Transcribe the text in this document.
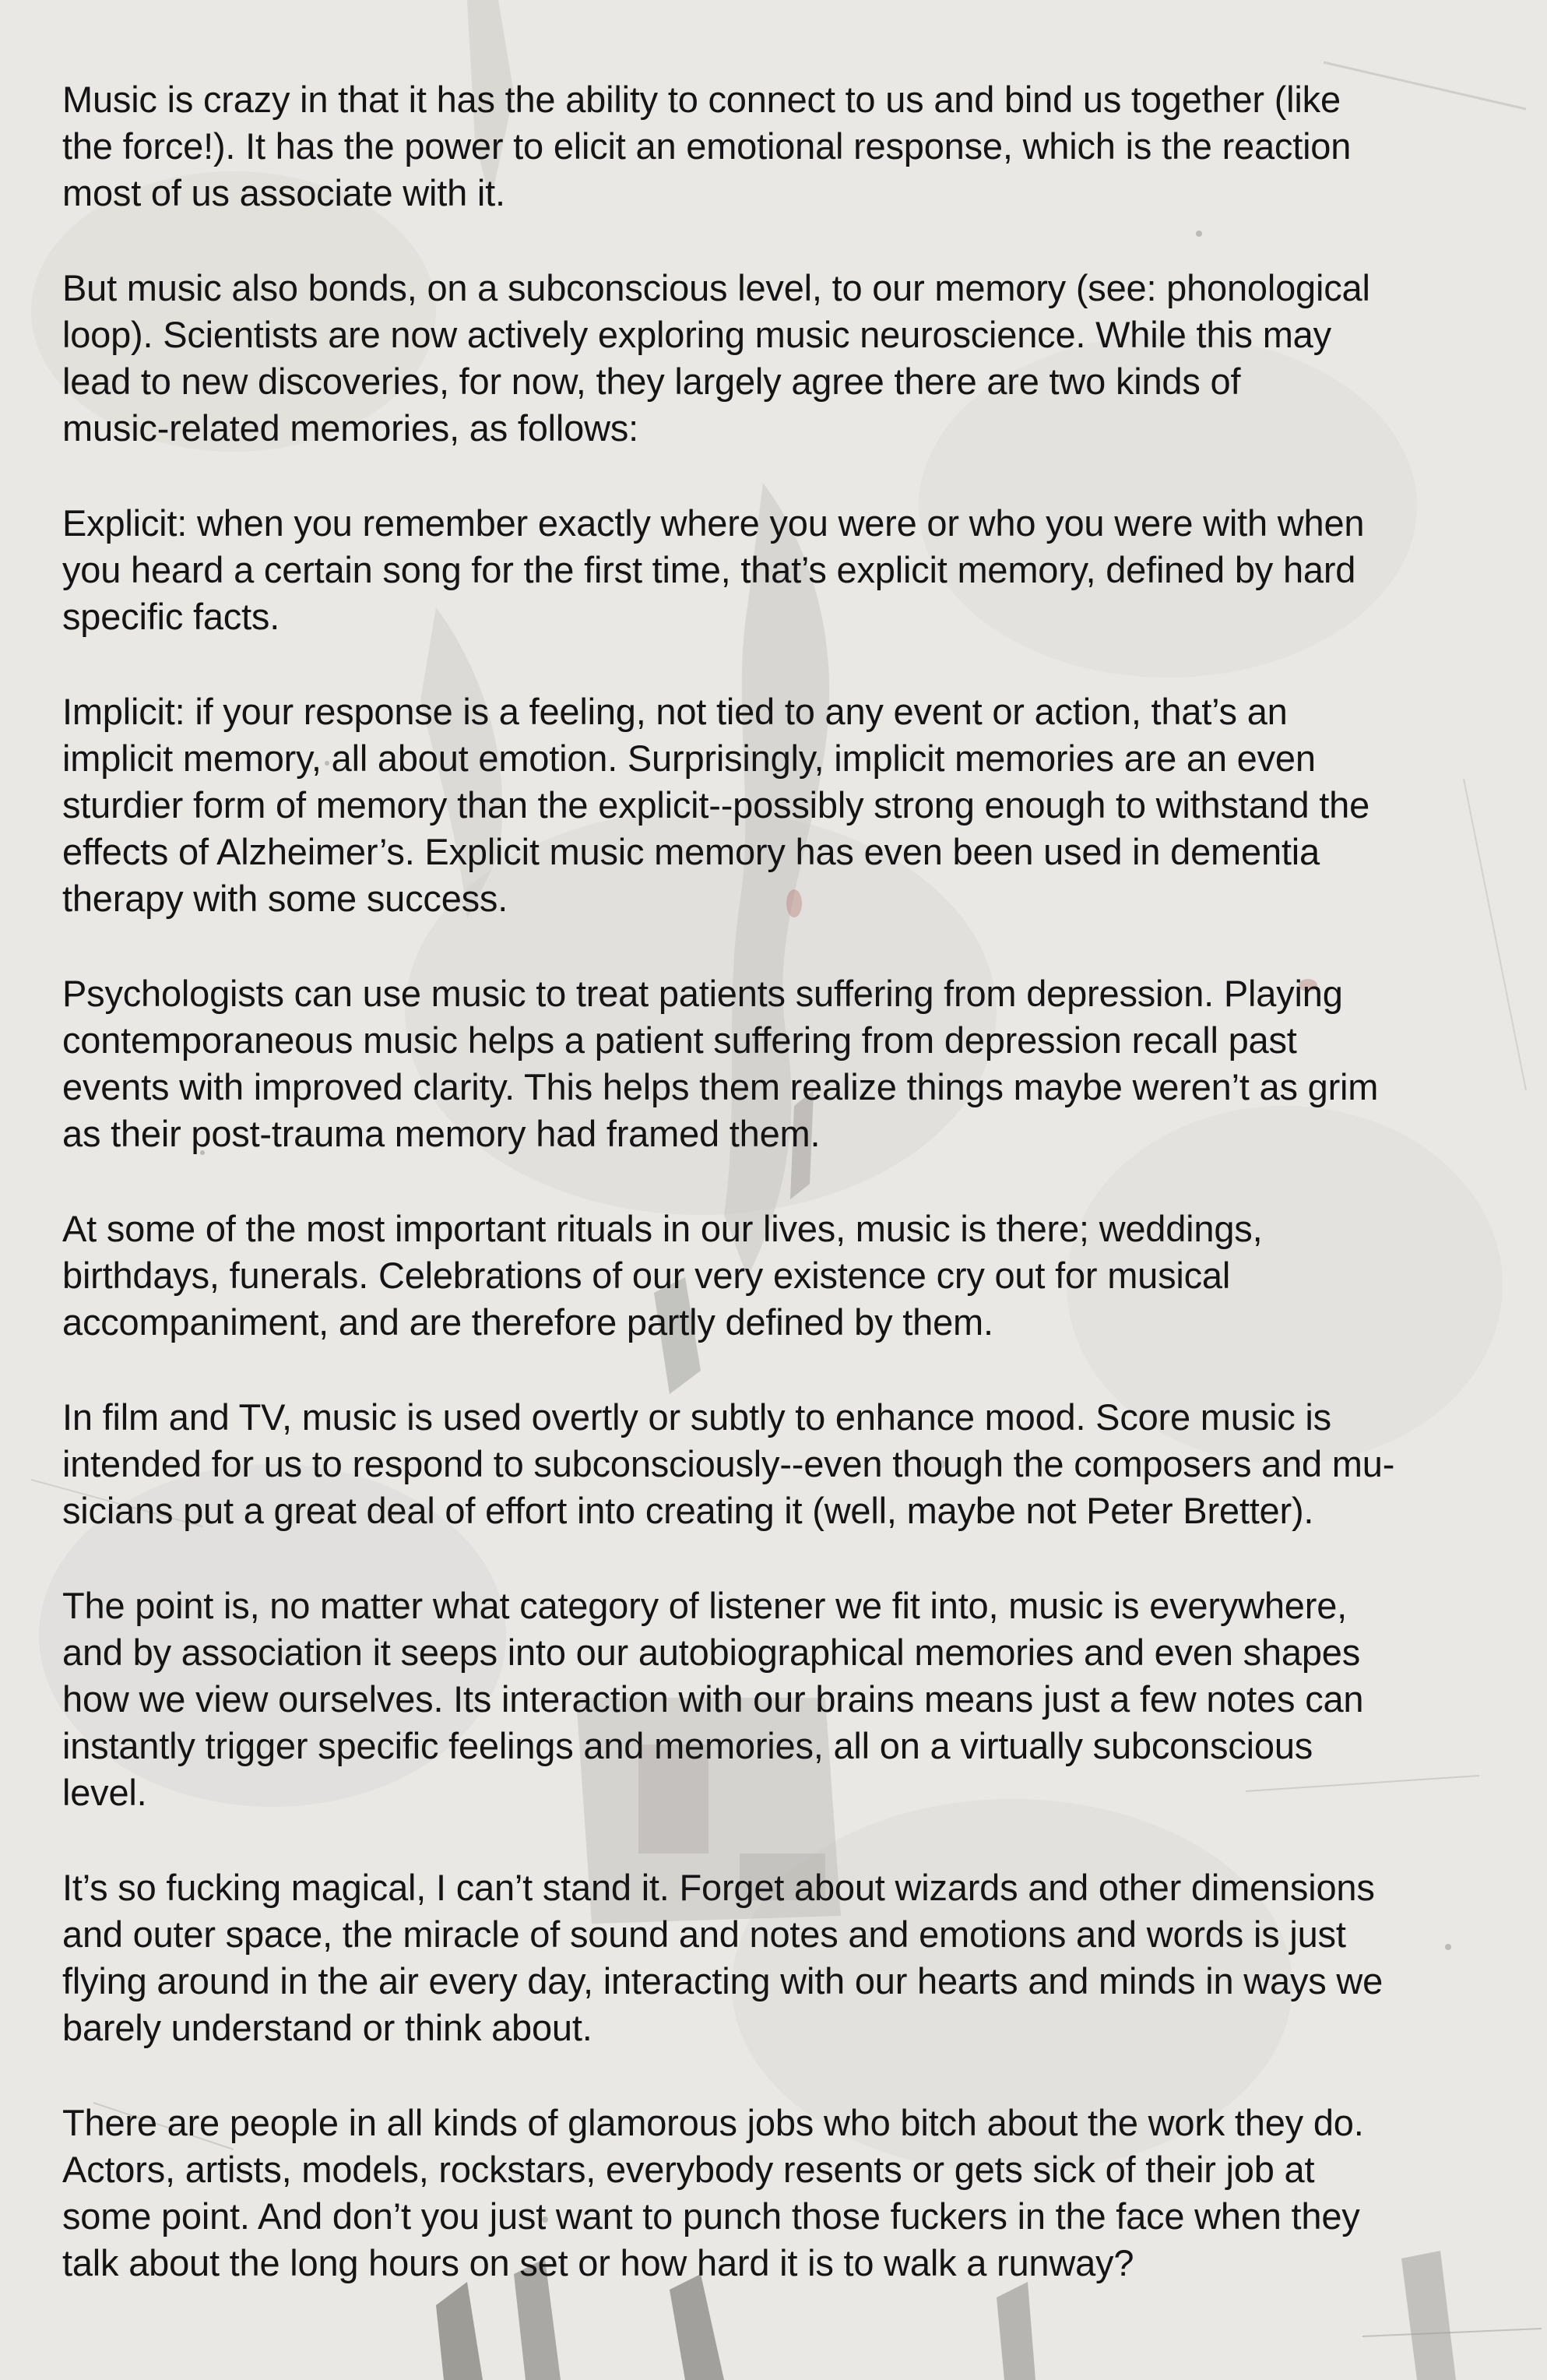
Music is crazy in that it has the ability to connect to us and bind us together (like
the force!). It has the power to elicit an emotional response, which is the reaction
most of us associate with it.

But music also bonds, on a subconscious level, to our memory (see: phonological
loop). Scientists are now actively exploring music neuroscience. While this may
lead to new discoveries, for now, they largely agree there are two kinds of
music-related memories, as follows:

Explicit: when you remember exactly where you were or who you were with when
you heard a certain song for the first time, that’s explicit memory, defined by hard
specific facts.

Implicit: if your response is a feeling, not tied to any event or action, that’s an
implicit memory, all about emotion. Surprisingly, implicit memories are an even
sturdier form of memory than the explicit--possibly strong enough to withstand the
effects of Alzheimer’s. Explicit music memory has even been used in dementia
therapy with some success.

Psychologists can use music to treat patients suffering from depression. Playing
contemporaneous music helps a patient suffering from depression recall past
events with improved clarity. This helps them realize things maybe weren’t as grim
as their post-trauma memory had framed them.

At some of the most important rituals in our lives, music is there; weddings,
birthdays, funerals. Celebrations of our very existence cry out for musical
accompaniment, and are therefore partly defined by them.

In film and TV, music is used overtly or subtly to enhance mood. Score music is
intended for us to respond to subconsciously--even though the composers and mu-
sicians put a great deal of effort into creating it (well, maybe not Peter Bretter).

The point is, no matter what category of listener we fit into, music is everywhere,
and by association it seeps into our autobiographical memories and even shapes
how we view ourselves. Its interaction with our brains means just a few notes can
instantly trigger specific feelings and memories, all on a virtually subconscious
level.

It’s so fucking magical, I can’t stand it. Forget about wizards and other dimensions
and outer space, the miracle of sound and notes and emotions and words is just
flying around in the air every day, interacting with our hearts and minds in ways we
barely understand or think about.

There are people in all kinds of glamorous jobs who bitch about the work they do.
Actors, artists, models, rockstars, everybody resents or gets sick of their job at
some point. And don’t you just want to punch those fuckers in the face when they
talk about the long hours on set or how hard it is to walk a runway?
